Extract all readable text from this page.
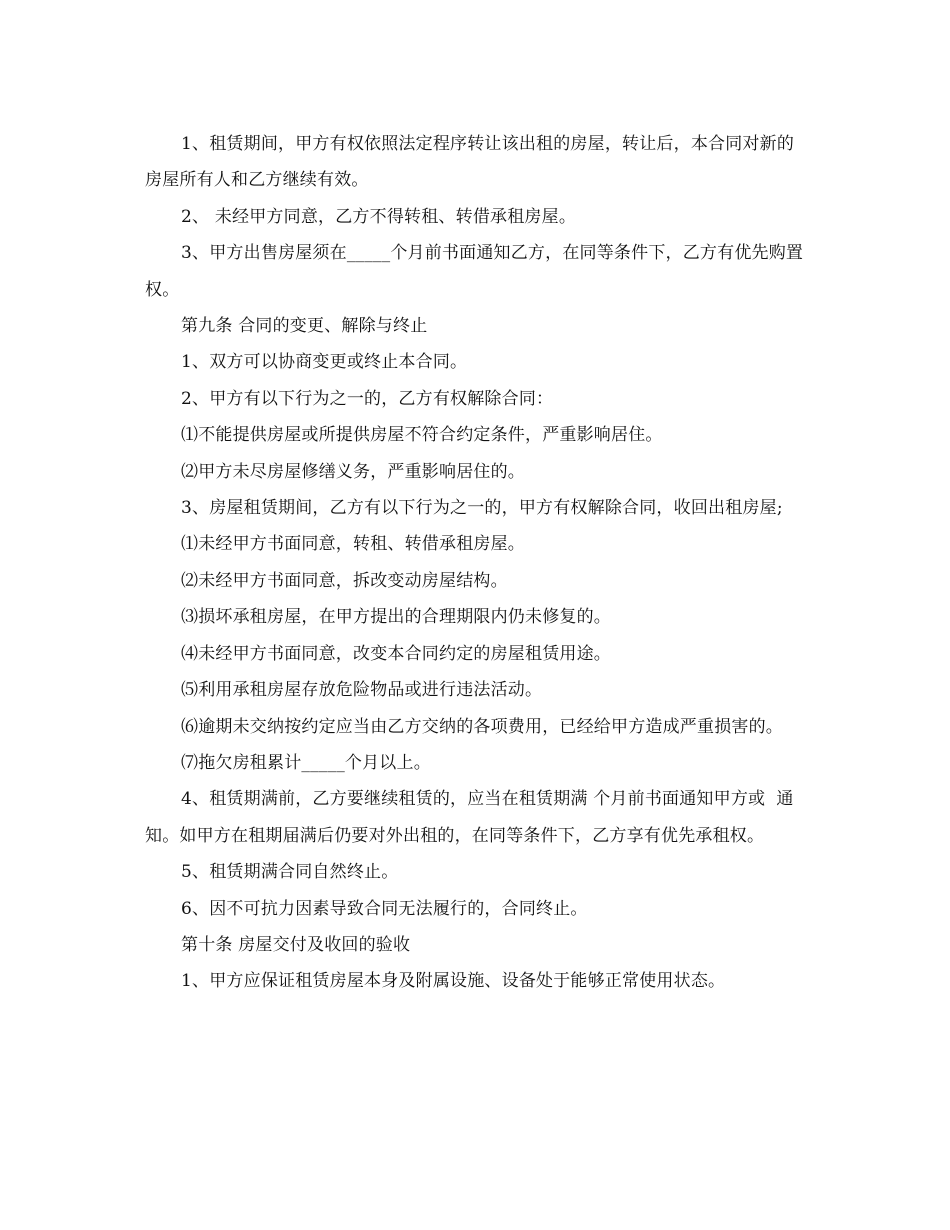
1、租赁期间，甲方有权依照法定程序转让该出租的房屋，转让后，本合同对新的房屋所有人和乙方继续有效。

2、 未经甲方同意，乙方不得转租、转借承租房屋。

3、甲方出售房屋须在_____个月前书面通知乙方，在同等条件下，乙方有优先购置权。

第九条 合同的变更、解除与终止

1、双方可以协商变更或终止本合同。

2、甲方有以下行为之一的，乙方有权解除合同：

⑴不能提供房屋或所提供房屋不符合约定条件，严重影响居住。

⑵甲方未尽房屋修缮义务，严重影响居住的。

3、房屋租赁期间，乙方有以下行为之一的，甲方有权解除合同，收回出租房屋;

⑴未经甲方书面同意，转租、转借承租房屋。

⑵未经甲方书面同意，拆改变动房屋结构。

⑶损坏承租房屋，在甲方提出的合理期限内仍未修复的。

⑷未经甲方书面同意，改变本合同约定的房屋租赁用途。

⑸利用承租房屋存放危险物品或进行违法活动。

⑹逾期未交纳按约定应当由乙方交纳的各项费用，已经给甲方造成严重损害的。

⑺拖欠房租累计_____个月以上。

4、租赁期满前，乙方要继续租赁的，应当在租赁期满 个月前书面通知甲方或  通知。如甲方在租期届满后仍要对外出租的，在同等条件下，乙方享有优先承租权。

5、租赁期满合同自然终止。

6、因不可抗力因素导致合同无法履行的，合同终止。

第十条 房屋交付及收回的验收

1、甲方应保证租赁房屋本身及附属设施、设备处于能够正常使用状态。
